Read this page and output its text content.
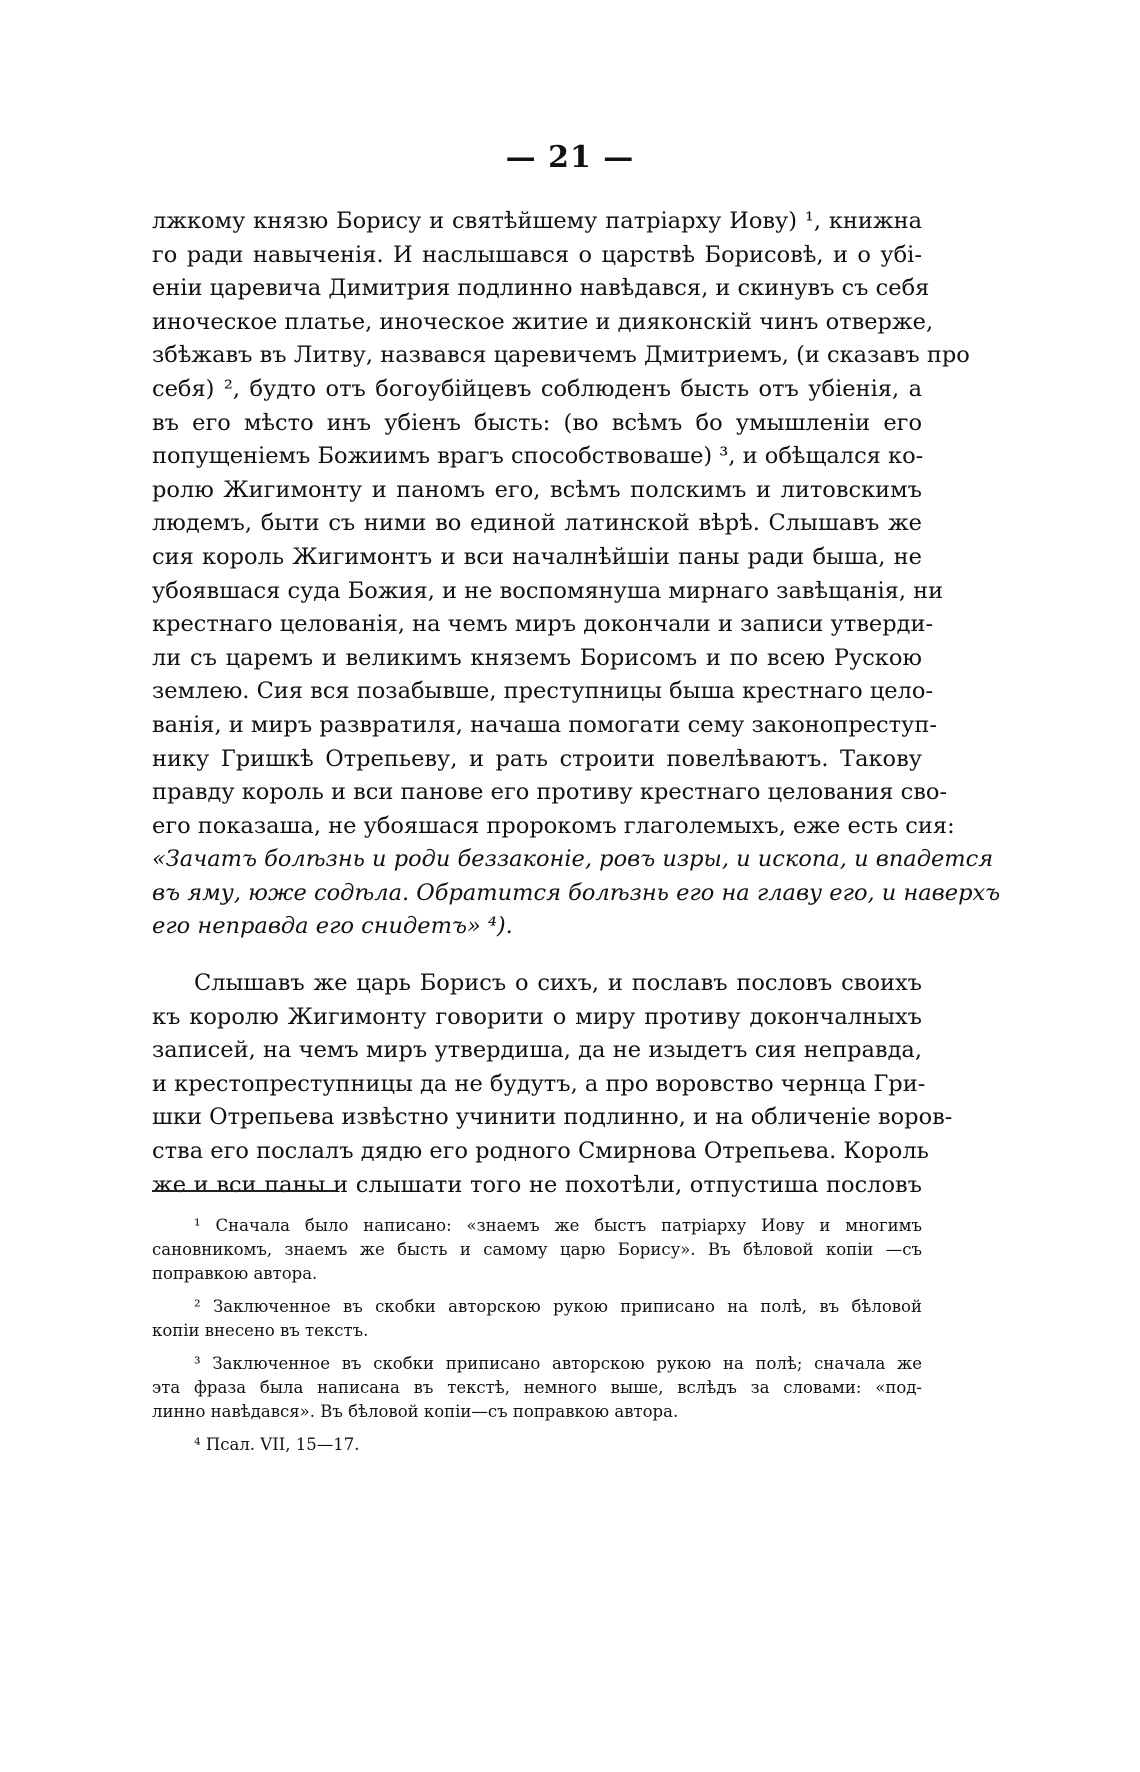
— 21 —
лжкому князю Борису и святѣйшему патріарху Иову) ¹, книжна
го ради навыченія. И наслышався о царствѣ Борисовѣ, и о убі-
еніи царевича Димитрия подлинно навѣдався, и скинувъ съ себя
иноческое платье, иноческое житие и дияконскій чинъ отверже,
збѣжавъ въ Литву, назвався царевичемъ Дмитриемъ, (и сказавъ про
себя) ², будто отъ богоубійцевъ соблюденъ бысть отъ убіенія, а
въ его мѣсто инъ убіенъ бысть: (во всѣмъ бо умышленіи его
попущеніемъ Божиимъ врагъ способствоваше) ³, и обѣщался ко-
ролю Жигимонту и паномъ его, всѣмъ полскимъ и литовскимъ
людемъ, быти съ ними во единой латинской вѣрѣ. Слышавъ же
сия король Жигимонтъ и вси началнѣйшіи паны ради быша, не
убоявшася суда Божия, и не воспомянуша мирнаго завѣщанія, ни
крестнаго целованія, на чемъ миръ докончали и записи утверди-
ли съ царемъ и великимъ княземъ Борисомъ и по всею Рускою
землею. Сия вся позабывше, преступницы быша крестнаго цело-
ванія, и миръ развратиля, начаша помогати сему законопреступ-
нику Гришкѣ Отрепьеву, и рать строити повелѣваютъ. Такову
правду король и вси панове его противу крестнаго целования сво-
его показаша, не убояшася пророкомъ глаголемыхъ, еже есть сия:
«Зачатъ болѣзнь и роди беззаконіе, ровъ изры, и ископа, и впадется
въ яму, юже содѣла. Обратится болѣзнь его на главу его, и наверхъ
его неправда его снидетъ» ⁴).
Слышавъ же царь Борисъ о сихъ, и пославъ пословъ своихъ
къ королю Жигимонту говорити о миру противу докончалныхъ
записей, на чемъ миръ утвердиша, да не изыдетъ сия неправда,
и крестопреступницы да не будутъ, а про воровство чернца Гри-
шки Отрепьева извѣстно учинити подлинно, и на обличеніе воров-
ства его послалъ дядю его родного Смирнова Отрепьева. Король
же и вси паны и слышати того не похотѣли, отпустиша пословъ
¹ Сначала было написано: «знаемъ же быстъ патріарху Иову и многимъ
сановникомъ, знаемъ же бысть и самому царю Борису». Въ бѣловой копіи —съ
поправкою автора.
² Заключенное въ скобки авторскою рукою приписано на полѣ, въ бѣловой
копіи внесено въ текстъ.
³ Заключенное въ скобки приписано авторскою рукою на полѣ; сначала же
эта фраза была написана въ текстѣ, немного выше, вслѣдъ за словами: «под-
линно навѣдався». Въ бѣловой копіи—съ поправкою автора.
⁴ Псал. VII, 15—17.
